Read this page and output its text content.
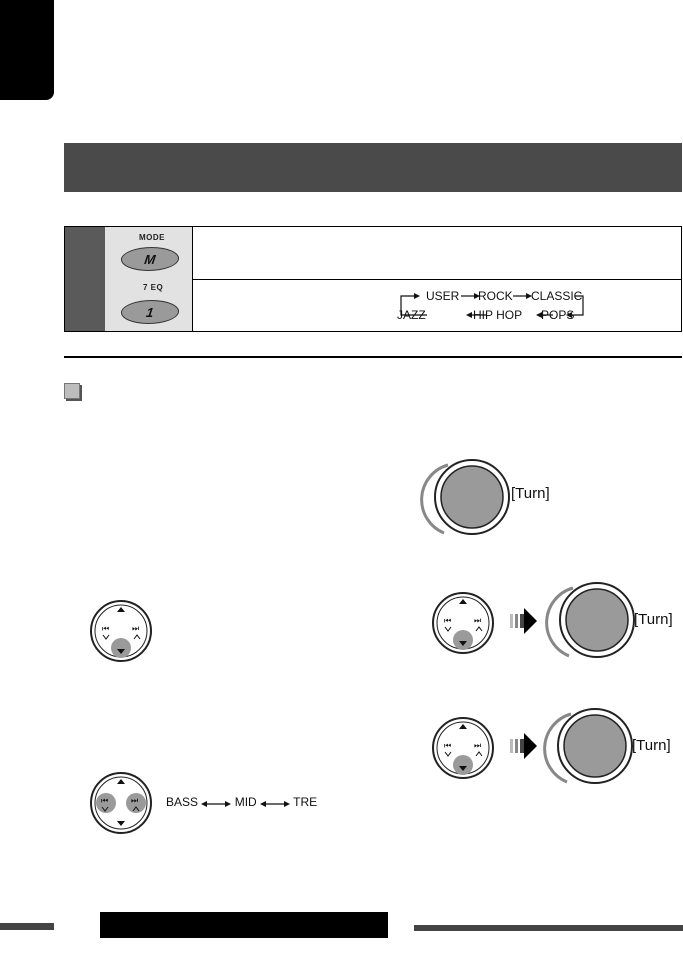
MODE
M
7 EQ
1
USER ROCK CLASSIC
JAZZ	HIP HOP POPS
[Turn]
⏮	⏭
⏮	⏭	[Turn]
⏮	⏭	[Turn]
⏮	⏭ BASS	MID	TRE
